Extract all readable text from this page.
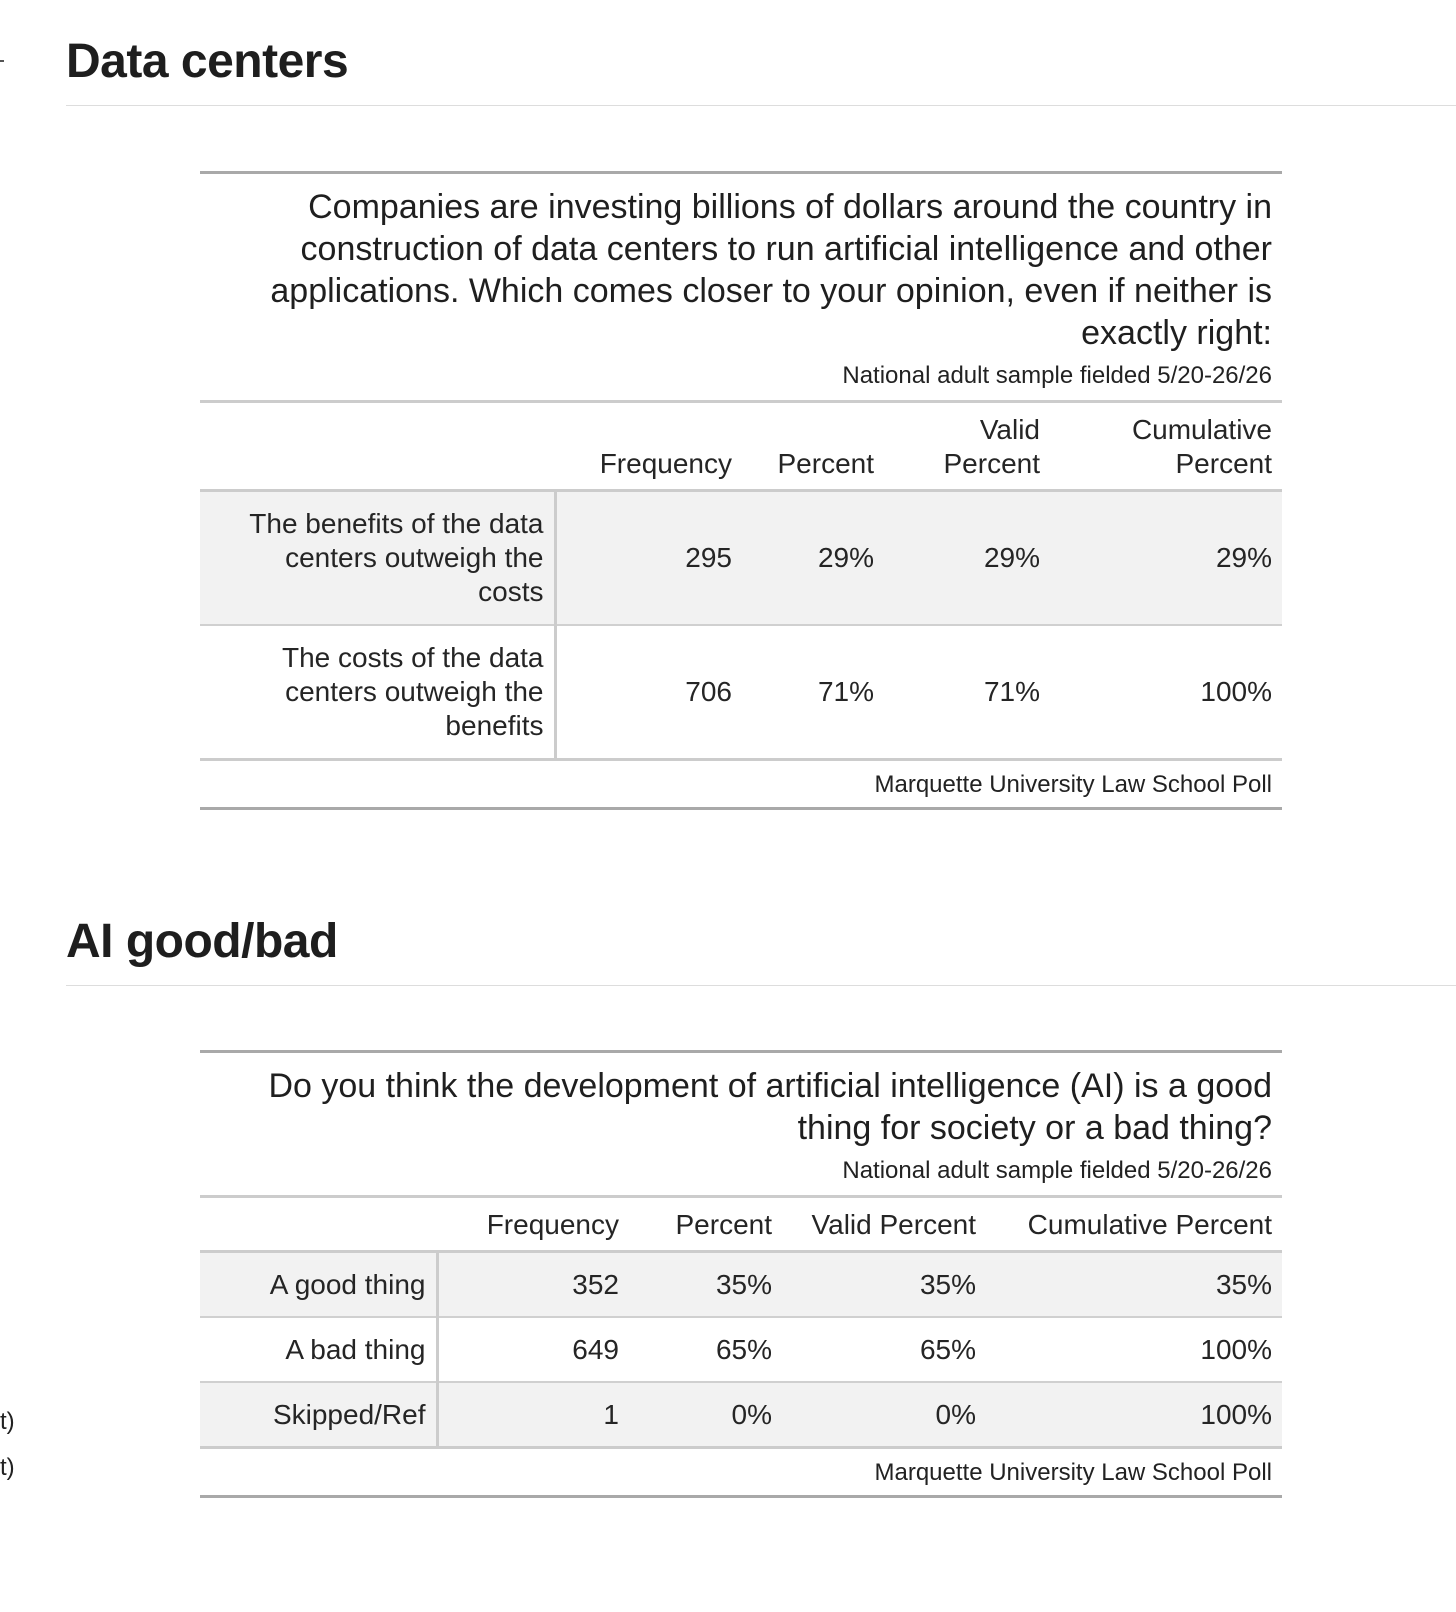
t)
t)
Data centers
Companies are investing billions of dollars around the country in construction of data centers to run artificial intelligence and other applications. Which comes closer to your opinion, even if neither is exactly right:				
National adult sample fielded 5/20-26/26				
	Frequency	Percent	Valid Percent	Cumulative Percent
The benefits of the data centers outweigh the costs	295	29%	29%	29%
The costs of the data centers outweigh the benefits	706	71%	71%	100%
Marquette University Law School Poll				
AI good/bad
Do you think the development of artificial intelligence (AI) is a good thing for society or a bad thing?				
National adult sample fielded 5/20-26/26				
	Frequency	Percent	Valid Percent	Cumulative Percent
A good thing	352	35%	35%	35%
A bad thing	649	65%	65%	100%
Skipped/Ref	1	0%	0%	100%
Marquette University Law School Poll				
